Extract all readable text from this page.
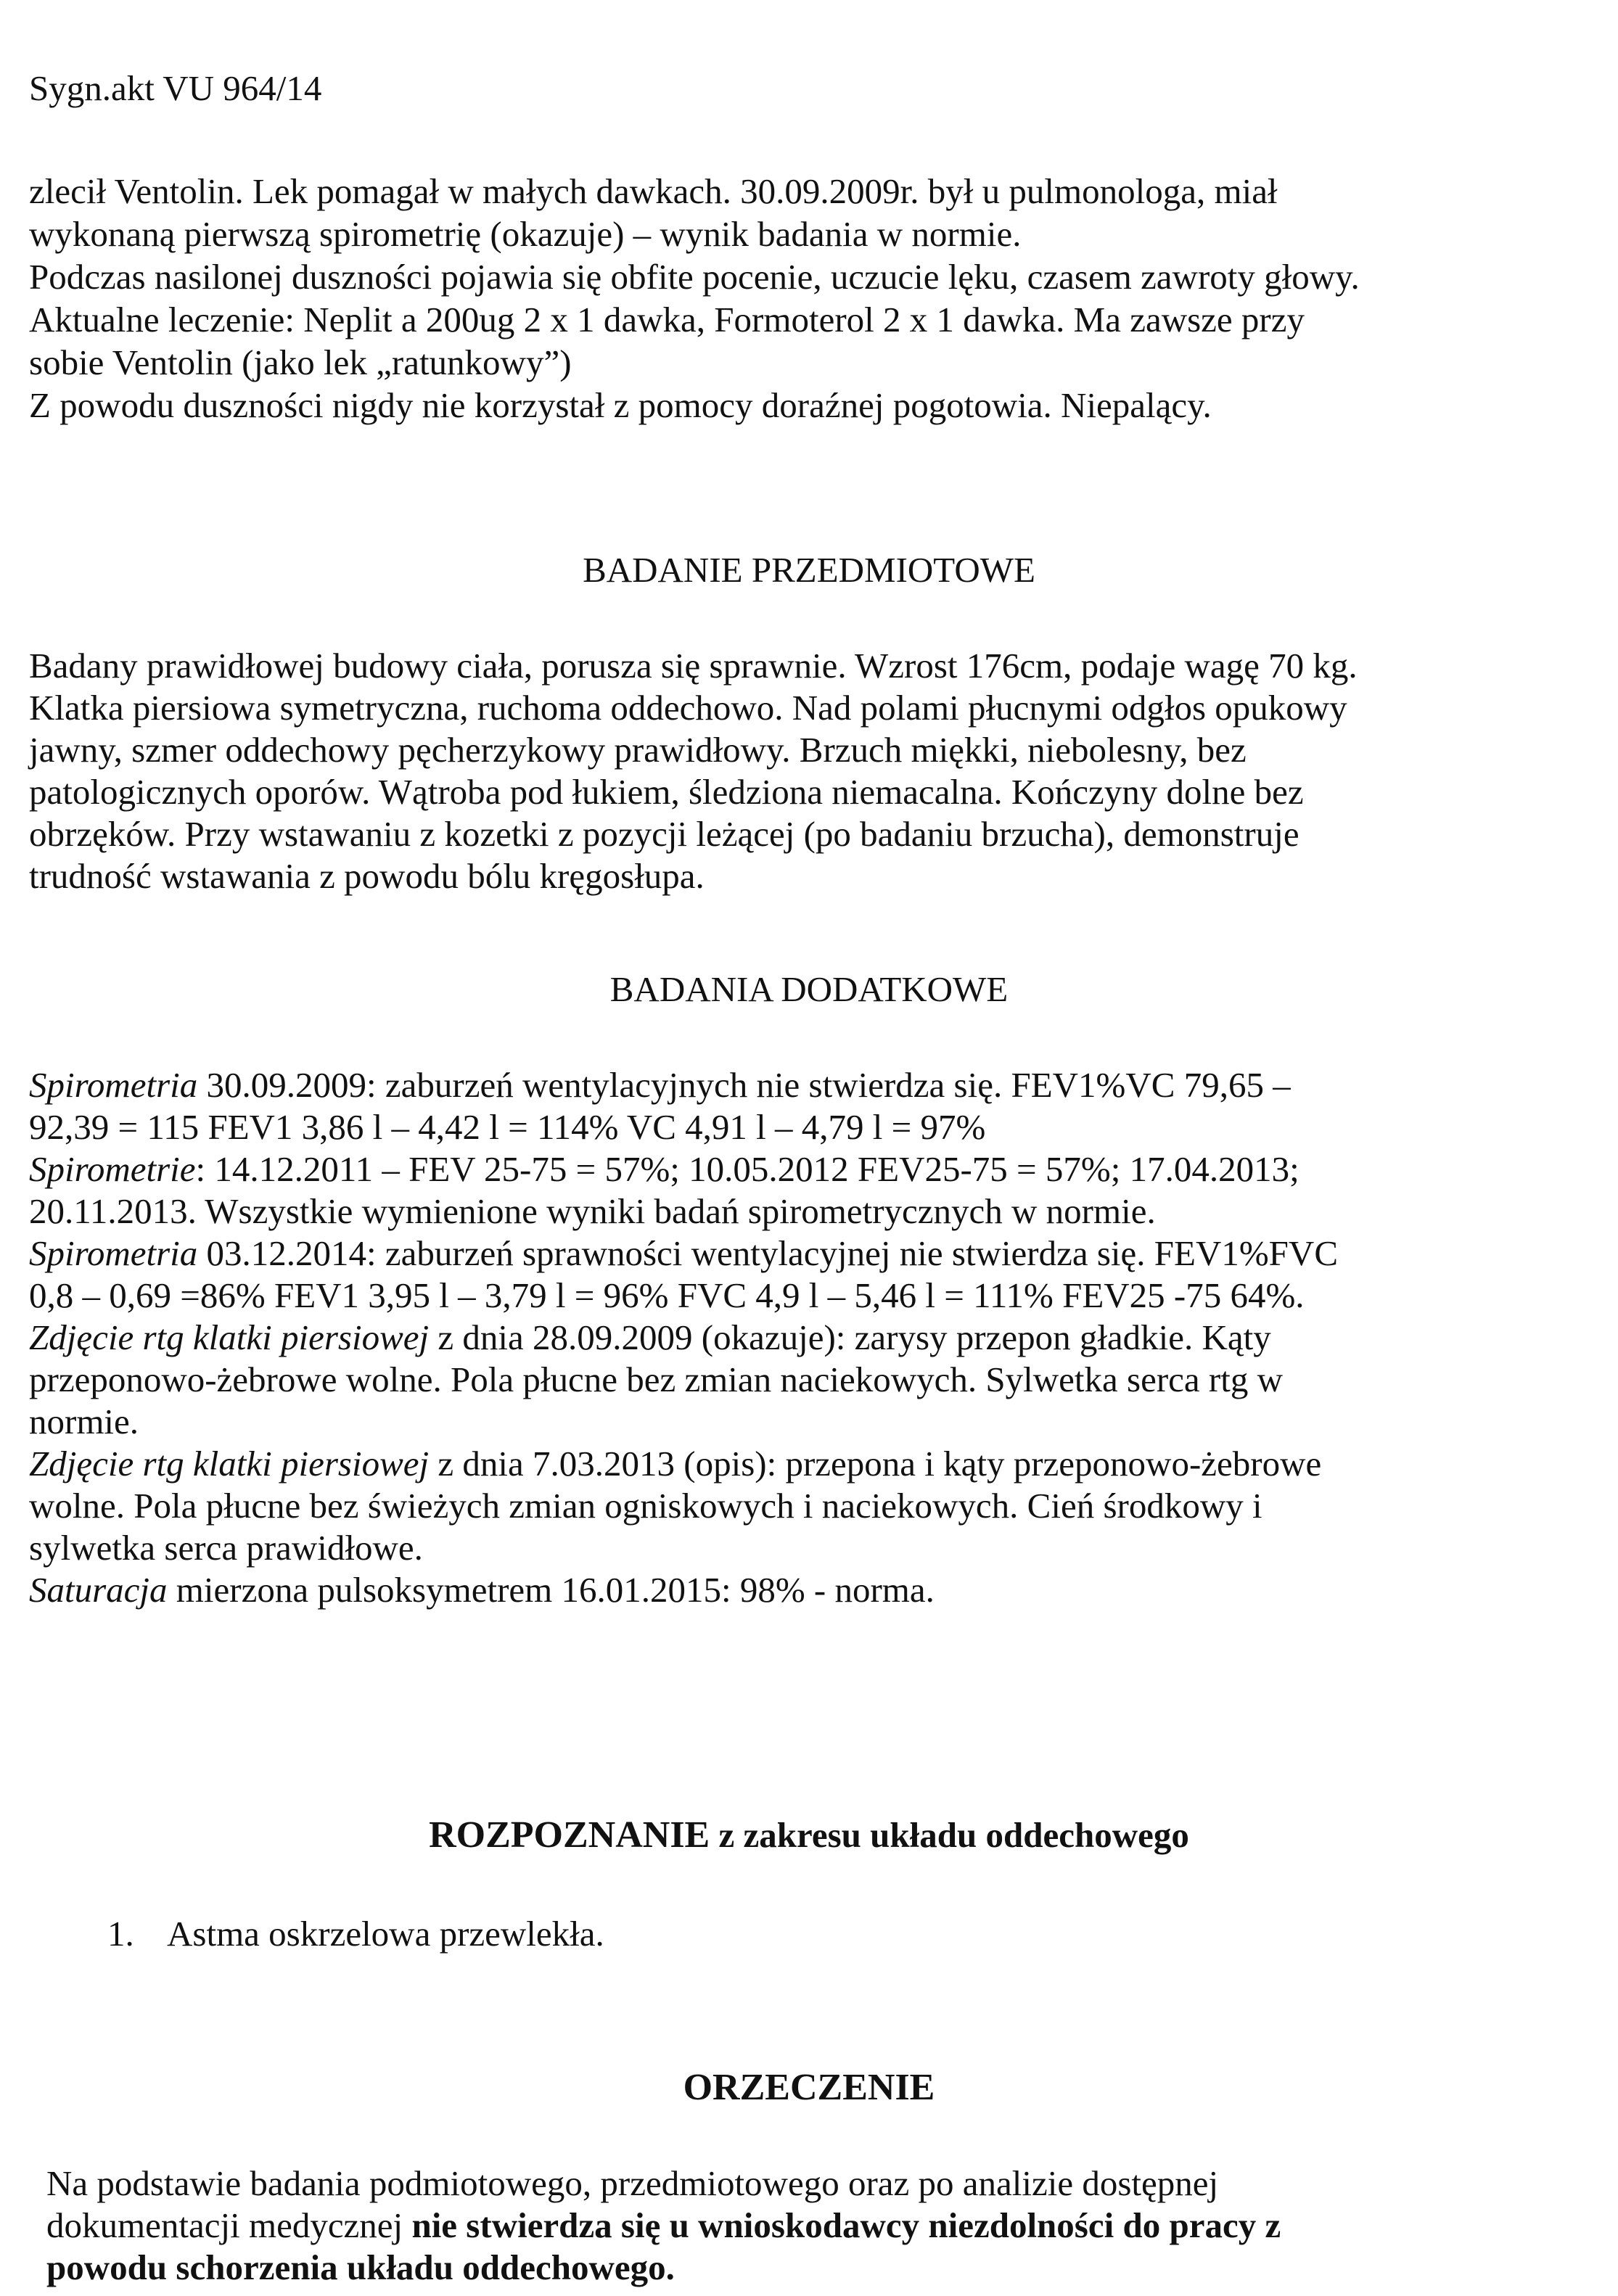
Sygn.akt VU 964/14

zlecił Ventolin. Lek pomagał w małych dawkach. 30.09.2009r. był u pulmonologa, miał

wykonaną pierwszą spirometrię (okazuje) – wynik badania w normie.

Podczas nasilonej duszności pojawia się obfite pocenie, uczucie lęku, czasem zawroty głowy.

Aktualne leczenie: Neplit a 200ug 2 x 1 dawka, Formoterol 2 x 1 dawka. Ma zawsze przy

sobie Ventolin (jako lek „ratunkowy”)

Z powodu duszności nigdy nie korzystał z pomocy doraźnej pogotowia. Niepalący.

BADANIE PRZEDMIOTOWE

Badany prawidłowej budowy ciała, porusza się sprawnie. Wzrost 176cm, podaje wagę 70 kg.

Klatka piersiowa symetryczna, ruchoma oddechowo. Nad polami płucnymi odgłos opukowy

jawny, szmer oddechowy pęcherzykowy prawidłowy. Brzuch miękki, niebolesny, bez

patologicznych oporów. Wątroba pod łukiem, śledziona niemacalna. Kończyny dolne bez

obrzęków. Przy wstawaniu z kozetki z pozycji leżącej (po badaniu brzucha), demonstruje

trudność wstawania z powodu bólu kręgosłupa.

BADANIA DODATKOWE

Spirometria 30.09.2009: zaburzeń wentylacyjnych nie stwierdza się. FEV1%VC 79,65 –

92,39 = 115 FEV1 3,86 l – 4,42 l = 114% VC 4,91 l – 4,79 l = 97%

Spirometrie: 14.12.2011 – FEV 25-75 = 57%; 10.05.2012 FEV25-75 = 57%; 17.04.2013;

20.11.2013. Wszystkie wymienione wyniki badań spirometrycznych w normie.

Spirometria 03.12.2014: zaburzeń sprawności wentylacyjnej nie stwierdza się. FEV1%FVC

0,8 – 0,69 =86% FEV1 3,95 l – 3,79 l = 96% FVC 4,9 l – 5,46 l = 111% FEV25 -75 64%.

Zdjęcie rtg klatki piersiowej z dnia 28.09.2009 (okazuje): zarysy przepon gładkie. Kąty

przeponowo-żebrowe wolne. Pola płucne bez zmian naciekowych. Sylwetka serca rtg w

normie.

Zdjęcie rtg klatki piersiowej z dnia 7.03.2013 (opis): przepona i kąty przeponowo-żebrowe

wolne. Pola płucne bez świeżych zmian ogniskowych i naciekowych. Cień środkowy i

sylwetka serca prawidłowe.

Saturacja mierzona pulsoksymetrem 16.01.2015: 98% - norma.

ROZPOZNANIE z zakresu układu oddechowego

1. Astma oskrzelowa przewlekła.

ORZECZENIE

Na podstawie badania podmiotowego, przedmiotowego oraz po analizie dostępnej

dokumentacji medycznej nie stwierdza się u wnioskodawcy niezdolności do pracy z

powodu schorzenia układu oddechowego.
